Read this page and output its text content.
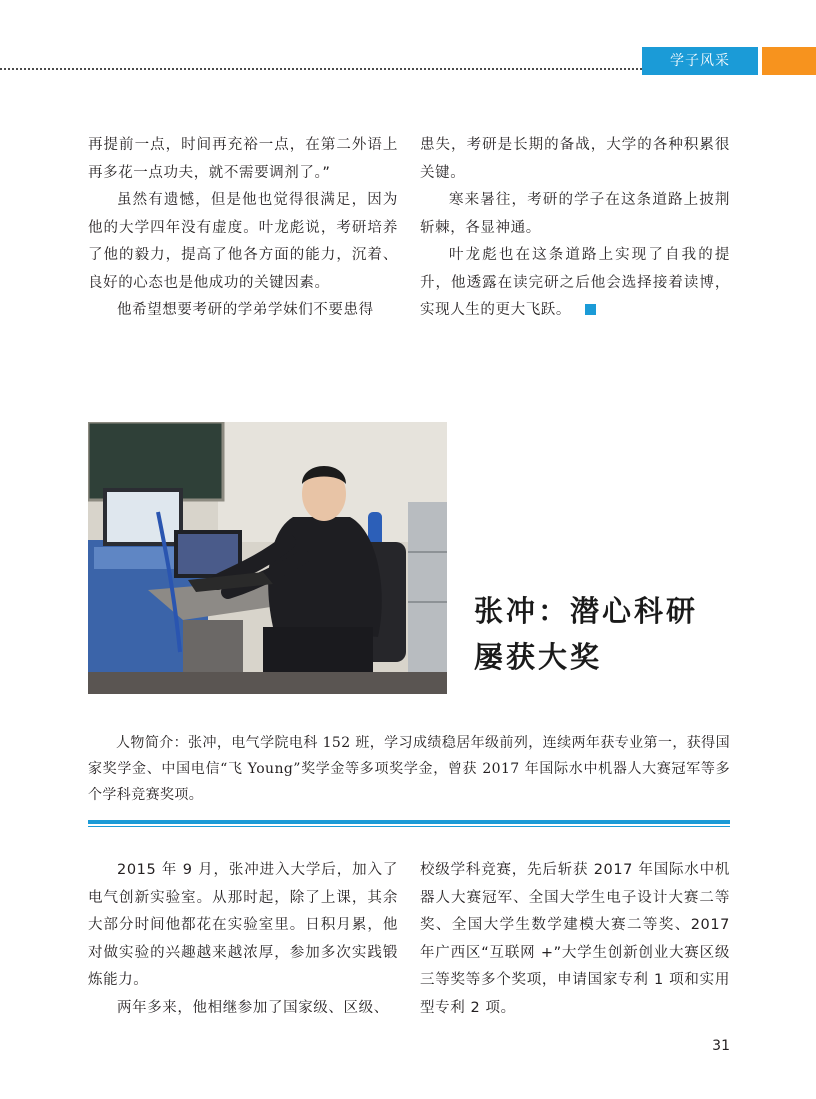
学子风采

再提前一点，时间再充裕一点，在第二外语上再多花一点功夫，就不需要调剂了。”

虽然有遗憾，但是他也觉得很满足，因为他的大学四年没有虚度。叶龙彪说，考研培养了他的毅力，提高了他各方面的能力，沉着、良好的心态也是他成功的关键因素。

他希望想要考研的学弟学妹们不要患得

患失，考研是长期的备战，大学的各种积累很关键。

寒来暑往，考研的学子在这条道路上披荆斩棘，各显神通。

叶龙彪也在这条道路上实现了自我的提升，他透露在读完研之后他会选择接着读博，实现人生的更大飞跃。

张冲：潜心科研
屡获大奖

人物简介：张冲，电气学院电科 152 班，学习成绩稳居年级前列，连续两年获专业第一，获得国家奖学金、中国电信“飞 Young”奖学金等多项奖学金，曾获 2017 年国际水中机器人大赛冠军等多个学科竞赛奖项。

2015 年 9 月，张冲进入大学后，加入了电气创新实验室。从那时起，除了上课，其余大部分时间他都花在实验室里。日积月累，他对做实验的兴趣越来越浓厚，参加多次实践锻炼能力。

两年多来，他相继参加了国家级、区级、

校级学科竞赛，先后斩获 2017 年国际水中机器人大赛冠军、全国大学生电子设计大赛二等奖、全国大学生数学建模大赛二等奖、2017 年广西区“互联网 +”大学生创新创业大赛区级三等奖等多个奖项，申请国家专利 1 项和实用型专利 2 项。

31
